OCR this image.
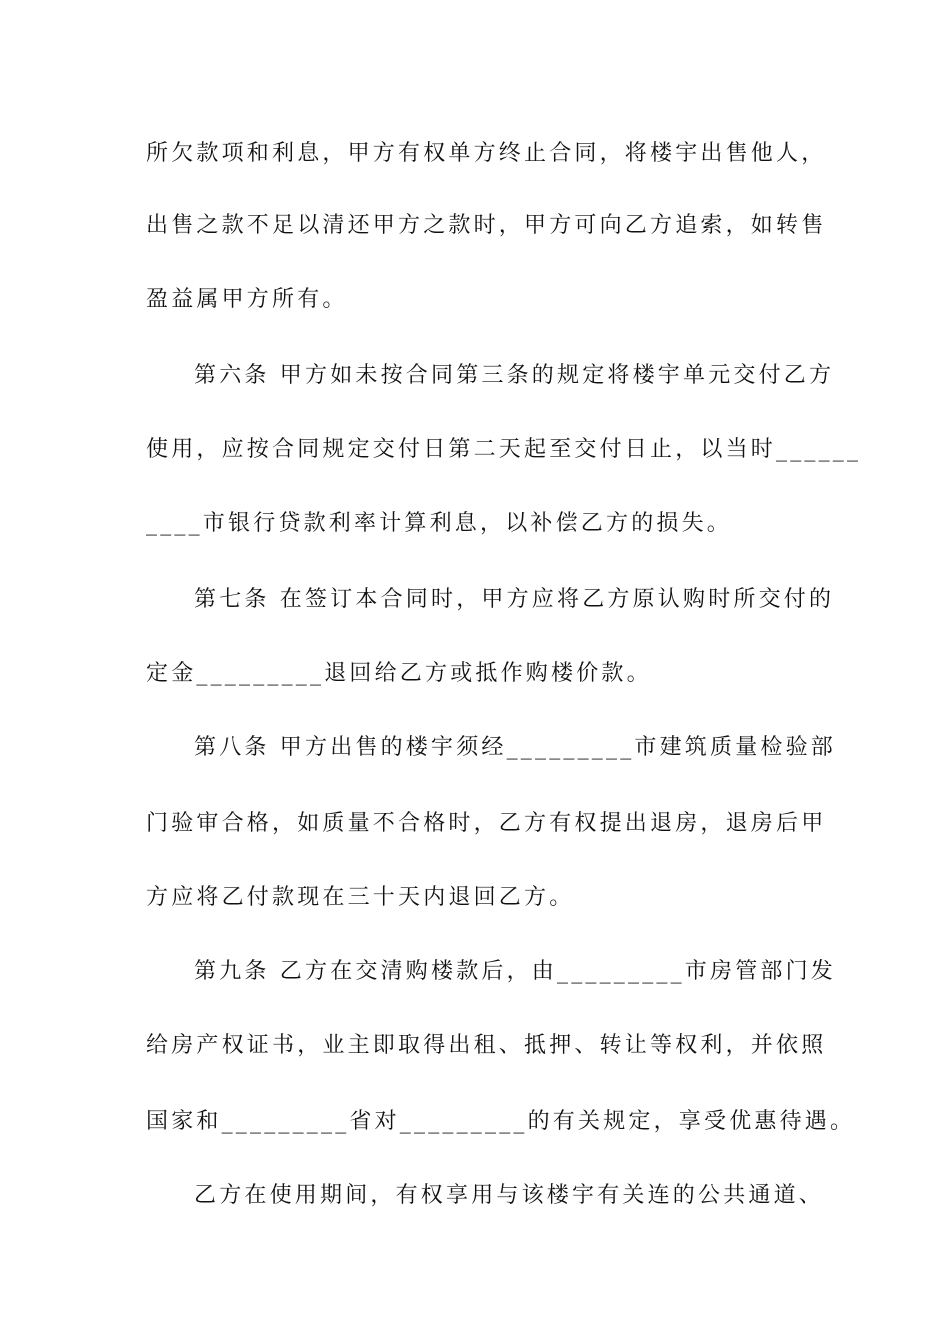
所欠款项和利息，甲方有权单方终止合同，将楼宇出售他人，
出售之款不足以清还甲方之款时，甲方可向乙方追索，如转售
盈益属甲方所有。
第六条 甲方如未按合同第三条的规定将楼宇单元交付乙方
使用，应按合同规定交付日第二天起至交付日止，以当时______
____市银行贷款利率计算利息，以补偿乙方的损失。
第七条 在签订本合同时，甲方应将乙方原认购时所交付的
定金_________退回给乙方或抵作购楼价款。
第八条 甲方出售的楼宇须经_________市建筑质量检验部
门验审合格，如质量不合格时，乙方有权提出退房，退房后甲
方应将乙付款现在三十天内退回乙方。
第九条 乙方在交清购楼款后，由_________市房管部门发
给房产权证书，业主即取得出租、抵押、转让等权利，并依照
国家和_________省对_________的有关规定，享受优惠待遇。
乙方在使用期间，有权享用与该楼宇有关连的公共通道、
